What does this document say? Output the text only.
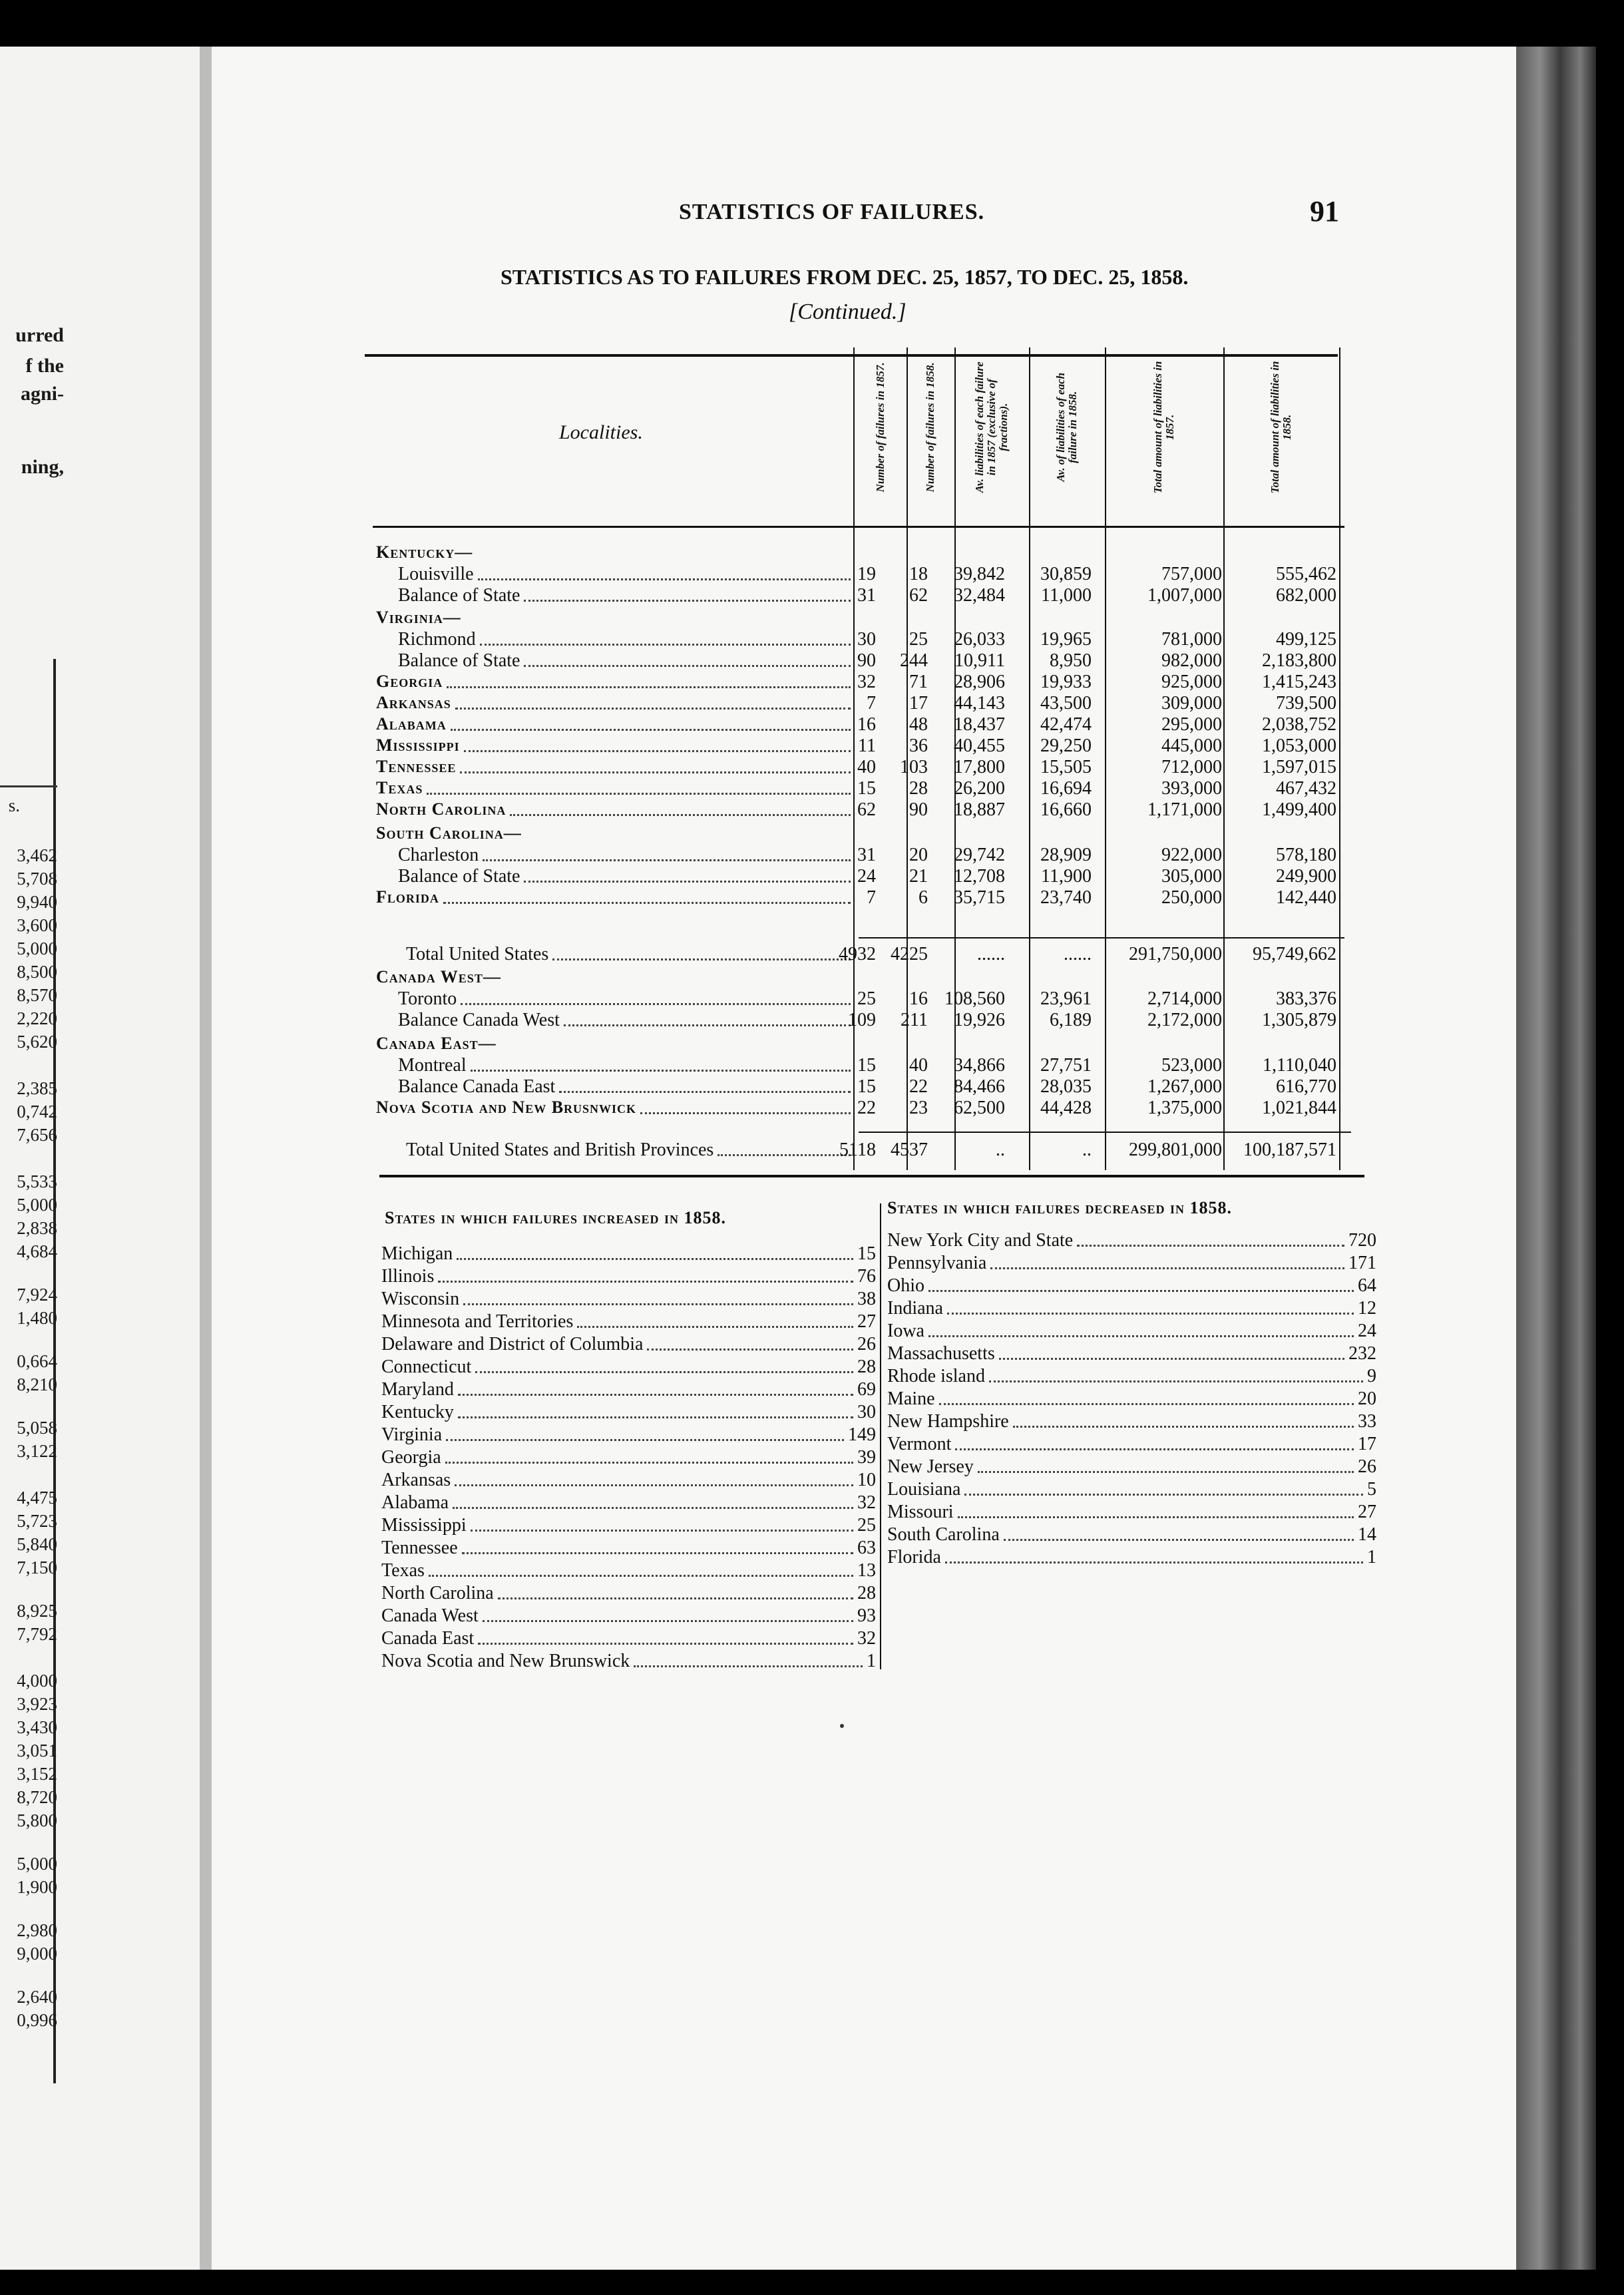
urred
f the
agni-
ning,
s.
3,462
5,708
9,940
3,600
5,000
8,500
8,570
2,220
5,620
2,385
0,742
7,656
5,533
5,000
2,838
4,684
7,924
1,480
0,664
8,210
5,058
3,122
4,475
5,723
5,840
7,150
8,925
7,792
4,000
3,923
3,430
3,051
3,152
8,720
5,800
5,000
1,900
2,980
9,000
2,640
0,996
STATISTICS OF FAILURES.	91
STATISTICS AS TO FAILURES FROM DEC. 25, 1857, TO DEC. 25, 1858.
[Continued.]
Localities.	Number of failures in 1857.	Number of failures in 1858.	Av. liabilities of each failure in 1857 (exclusive of fractions).	Av. of liabilities of each failure in 1858.	Total amount of liabilities in 1857.	Total amount of liabilities in 1858.
Kentucky—
Louisville	19 18 39,842 30,859	757,000	555,462
Balance of State	31 62 32,484 11,000	1,007,000	682,000
Virginia—
Richmond	30 25 26,033 19,965	781,000	499,125
Balance of State	90 244 10,911 8,950	982,000 2,183,800
Georgia	32 71 28,906 19,933	925,000 1,415,243
Arkansas	7 17 44,143 43,500	309,000	739,500
Alabama	16 48 18,437 42,474	295,000 2,038,752
Mississippi	11 36 40,455 29,250	445,000 1,053,000
Tennessee	40 103 17,800 15,505	712,000 1,597,015
Texas	15 28 26,200 16,694	393,000	467,432
North Carolina	62 90 18,887 16,660	1,171,000 1,499,400
South Carolina—
Charleston	31 20 29,742 28,909	922,000	578,180
Balance of State	24 21 12,708 11,900	305,000	249,900
Florida	7 6 35,715 23,740	250,000	142,440
Total United States	4932 4225	......	...... 291,750,000 95,749,662
Canada West—
Toronto	25 16 108,560 23,961	2,714,000	383,376
Balance Canada West	109 211 19,926 6,189	2,172,000 1,305,879
Canada East—
Montreal	15 40 34,866 27,751	523,000 1,110,040
Balance Canada East	15 22 84,466 28,035	1,267,000	616,770
Nova Scotia and New Brusnwick	22 23 62,500 44,428	1,375,000 1,021,844
Total United States and British Provinces	5118 4537	..	.. 299,801,000 100,187,571
States in which failures increased in 1858.
States in which failures decreased in 1858.
Michigan	15
Illinois	76
Wisconsin	38
Minnesota and Territories	27
Delaware and District of Columbia	26
Connecticut	28
Maryland	69
Kentucky	30
Virginia	149
Georgia	39
Arkansas	10
Alabama	32
Mississippi	25
Tennessee	63
Texas	13
North Carolina	28
Canada West	93
Canada East	32
Nova Scotia and New Brunswick	1
New York City and State	720
Pennsylvania	171
Ohio	64
Indiana	12
Iowa	24
Massachusetts	232
Rhode island	9
Maine	20
New Hampshire	33
Vermont	17
New Jersey	26
Louisiana	5
Missouri	27
South Carolina	14
Florida	1
